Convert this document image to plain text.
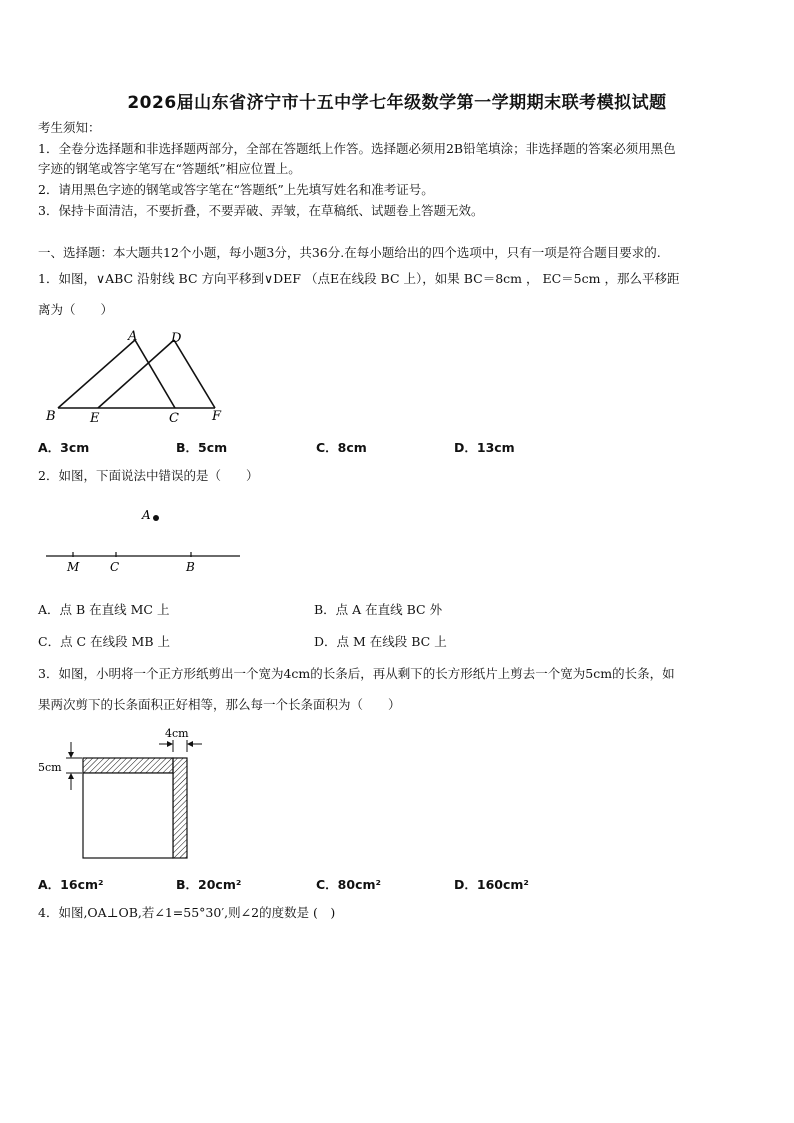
2026届山东省济宁市十五中学七年级数学第一学期期末联考模拟试题
考生须知：
1．全卷分选择题和非选择题两部分，全部在答题纸上作答。选择题必须用2B铅笔填涂；非选择题的答案必须用黑色
字迹的钢笔或答字笔写在“答题纸”相应位置上。
2．请用黑色字迹的钢笔或答字笔在“答题纸”上先填写姓名和准考证号。
3．保持卡面清洁，不要折叠，不要弄破、弄皱，在草稿纸、试题卷上答题无效。
一、选择题：本大题共12个小题，每小题3分，共36分.在每小题给出的四个选项中，只有一项是符合题目要求的.
1．如图，∨ABC 沿射线 BC 方向平移到∨DEF （点E在线段 BC 上），如果 BC＝8cm ， EC＝5cm ，那么平移距
离为（　　）
A	D
B	E	C	F
A．3cm	B．5cm	C．8cm	D．13cm
2．如图，下面说法中错误的是（　　）
A
M	C	B
A．点 B 在直线 MC 上	B．点 A 在直线 BC 外
C．点 C 在线段 MB 上	D．点 M 在线段 BC 上
3．如图，小明将一个正方形纸剪出一个宽为4cm的长条后，再从剩下的长方形纸片上剪去一个宽为5cm的长条，如
果两次剪下的长条面积正好相等，那么每一个长条面积为（　　）
4cm
5cm
A．16cm²	B．20cm²	C．80cm²	D．160cm²
4．如图,OA⊥OB,若∠1=55°30′,则∠2的度数是 (　)
